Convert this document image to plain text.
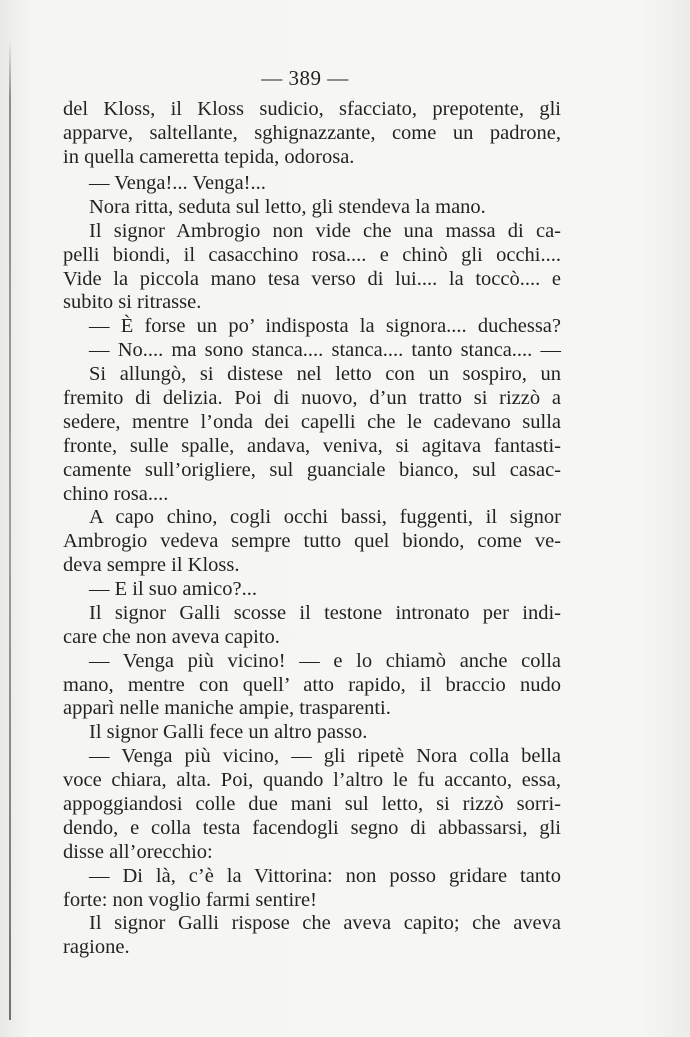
— 389 —
del Kloss, il Kloss sudicio, sfacciato, prepotente, gli
apparve, saltellante, sghignazzante, come un padrone,
in quella cameretta tepida, odorosa.
— Venga!... Venga!...
Nora ritta, seduta sul letto, gli stendeva la mano.
Il signor Ambrogio non vide che una massa di ca-
pelli biondi, il casacchino rosa.... e chinò gli occhi....
Vide la piccola mano tesa verso di lui.... la toccò.... e
subito si ritrasse.
— È forse un po’ indisposta la signora.... duchessa?
— No.... ma sono stanca.... stanca.... tanto stanca.... —
Si allungò, si distese nel letto con un sospiro, un
fremito di delizia. Poi di nuovo, d’un tratto si rizzò a
sedere, mentre l’onda dei capelli che le cadevano sulla
fronte, sulle spalle, andava, veniva, si agitava fantasti-
camente sull’origliere, sul guanciale bianco, sul casac-
chino rosa....
A capo chino, cogli occhi bassi, fuggenti, il signor
Ambrogio vedeva sempre tutto quel biondo, come ve-
deva sempre il Kloss.
— E il suo amico?...
Il signor Galli scosse il testone intronato per indi-
care che non aveva capito.
— Venga più vicino! — e lo chiamò anche colla
mano, mentre con quell’ atto rapido, il braccio nudo
apparì nelle maniche ampie, trasparenti.
Il signor Galli fece un altro passo.
— Venga più vicino, — gli ripetè Nora colla bella
voce chiara, alta. Poi, quando l’altro le fu accanto, essa,
appoggiandosi colle due mani sul letto, si rizzò sorri-
dendo, e colla testa facendogli segno di abbassarsi, gli
disse all’orecchio:
— Di là, c’è la Vittorina: non posso gridare tanto
forte: non voglio farmi sentire!
Il signor Galli rispose che aveva capito; che aveva
ragione.
